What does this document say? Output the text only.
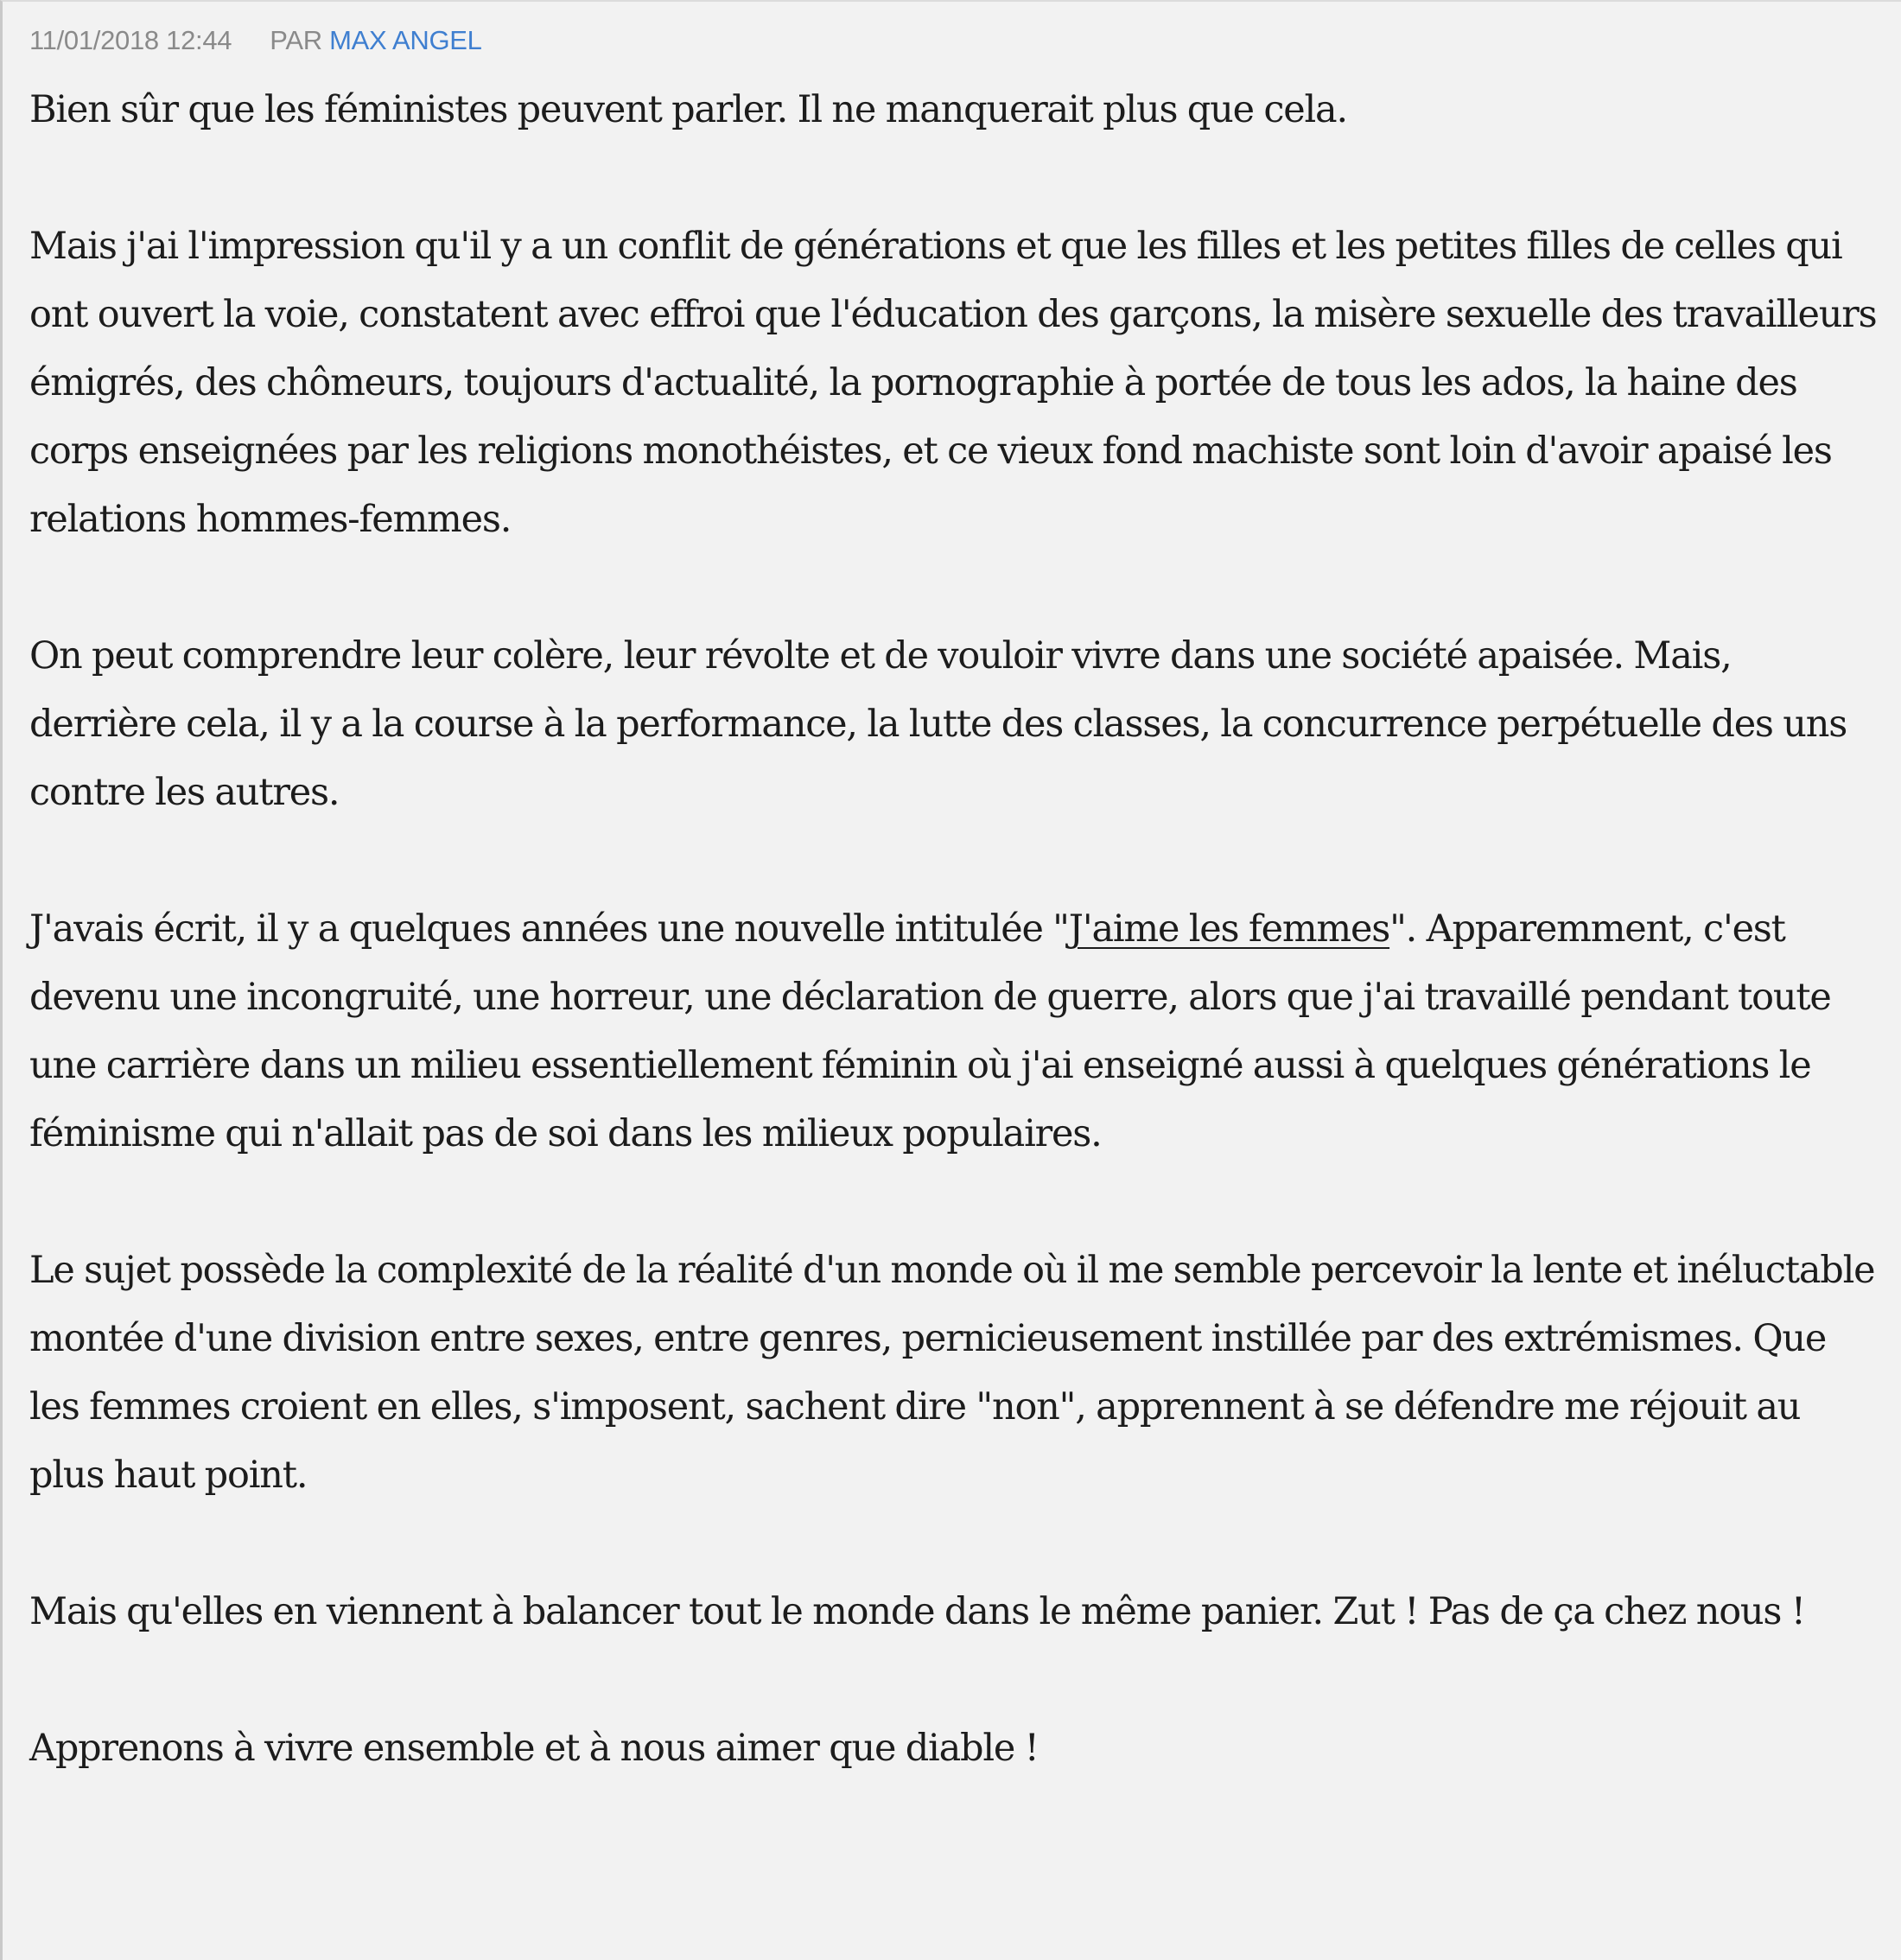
11/01/2018 12:44 PAR MAX ANGEL

Bien sûr que les féministes peuvent parler. Il ne manquerait plus que cela.

Mais j'ai l'impression qu'il y a un conflit de générations et que les filles et les petites filles de celles qui ont ouvert la voie, constatent avec effroi que l'éducation des garçons, la misère sexuelle des travailleurs émigrés, des chômeurs, toujours d'actualité, la pornographie à portée de tous les ados, la haine des corps enseignées par les religions monothéistes, et ce vieux fond machiste sont loin d'avoir apaisé les relations hommes-femmes.

On peut comprendre leur colère, leur révolte et de vouloir vivre dans une société apaisée. Mais, derrière cela, il y a la course à la performance, la lutte des classes, la concurrence perpétuelle des uns contre les autres.

J'avais écrit, il y a quelques années une nouvelle intitulée "J'aime les femmes". Apparemment, c'est devenu une incongruité, une horreur, une déclaration de guerre, alors que j'ai travaillé pendant toute une carrière dans un milieu essentiellement féminin où j'ai enseigné aussi à quelques générations le féminisme qui n'allait pas de soi dans les milieux populaires.

Le sujet possède la complexité de la réalité d'un monde où il me semble percevoir la lente et inéluctable montée d'une division entre sexes, entre genres, pernicieusement instillée par des extrémismes. Que les femmes croient en elles, s'imposent, sachent dire "non", apprennent à se défendre me réjouit au plus haut point.

Mais qu'elles en viennent à balancer tout le monde dans le même panier. Zut ! Pas de ça chez nous !

Apprenons à vivre ensemble et à nous aimer que diable !
